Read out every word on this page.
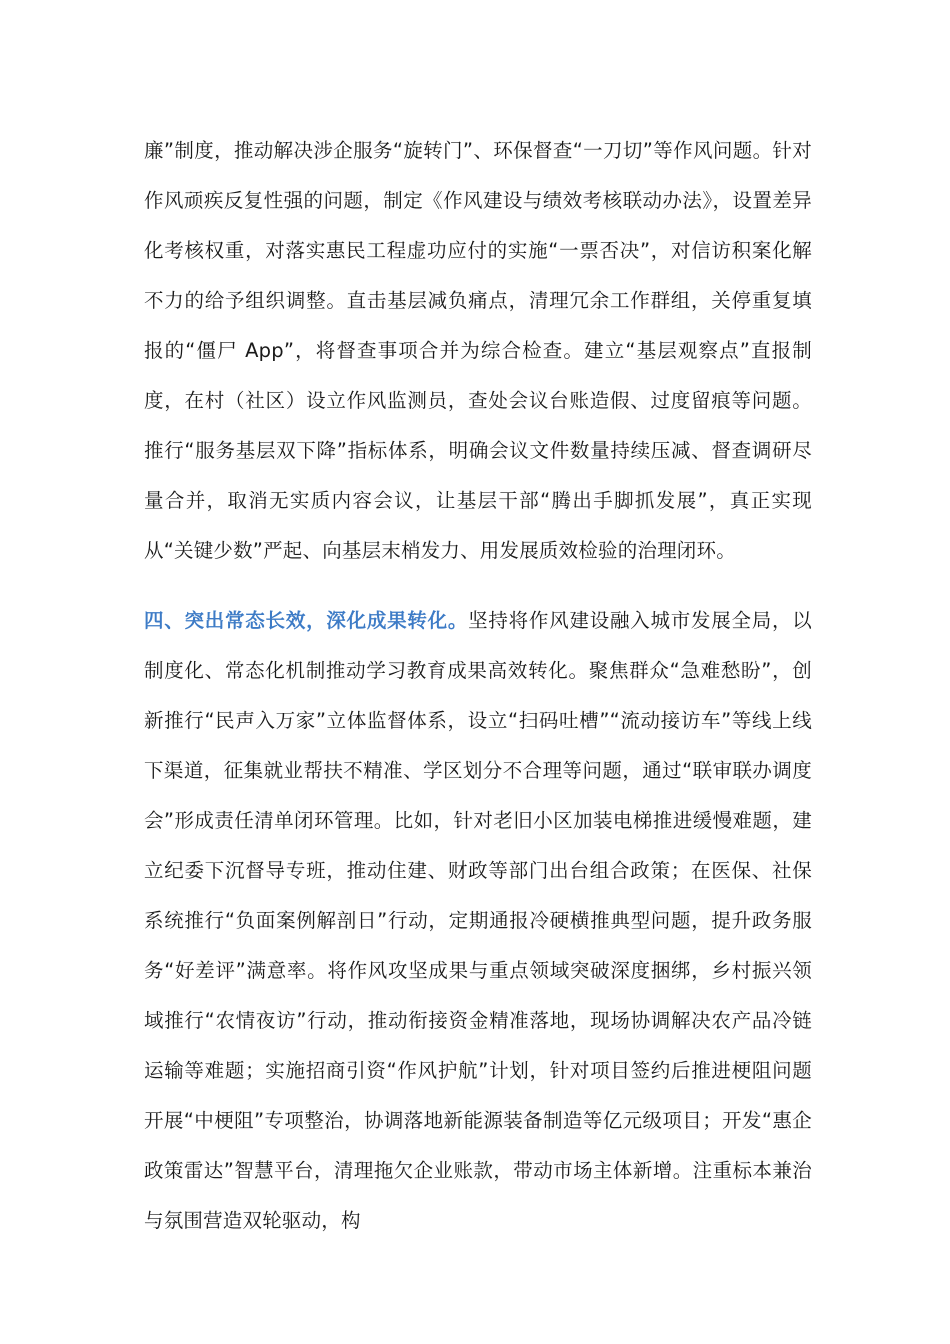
廉”制度，推动解决涉企服务“旋转门”、环保督查“一刀切”等作风问题。针对作风顽疾反复性强的问题，制定《作风建设与绩效考核联动办法》，设置差异化考核权重，对落实惠民工程虚功应付的实施“一票否决”，对信访积案化解不力的给予组织调整。直击基层减负痛点，清理冗余工作群组，关停重复填报的“僵尸 App”，将督查事项合并为综合检查。建立“基层观察点”直报制度，在村（社区）设立作风监测员，查处会议台账造假、过度留痕等问题。推行“服务基层双下降”指标体系，明确会议文件数量持续压减、督查调研尽量合并，取消无实质内容会议，让基层干部“腾出手脚抓发展”，真正实现从“关键少数”严起、向基层末梢发力、用发展质效检验的治理闭环。

四、突出常态长效，深化成果转化。坚持将作风建设融入城市发展全局，以制度化、常态化机制推动学习教育成果高效转化。聚焦群众“急难愁盼”，创新推行“民声入万家”立体监督体系，设立“扫码吐槽”“流动接访车”等线上线下渠道，征集就业帮扶不精准、学区划分不合理等问题，通过“联审联办调度会”形成责任清单闭环管理。比如，针对老旧小区加装电梯推进缓慢难题，建立纪委下沉督导专班，推动住建、财政等部门出台组合政策；在医保、社保系统推行“负面案例解剖日”行动，定期通报冷硬横推典型问题，提升政务服务“好差评”满意率。将作风攻坚成果与重点领域突破深度捆绑，乡村振兴领域推行“农情夜访”行动，推动衔接资金精准落地，现场协调解决农产品冷链运输等难题；实施招商引资“作风护航”计划，针对项目签约后推进梗阻问题开展“中梗阻”专项整治，协调落地新能源装备制造等亿元级项目；开发“惠企政策雷达”智慧平台，清理拖欠企业账款，带动市场主体新增。注重标本兼治与氛围营造双轮驱动，构
